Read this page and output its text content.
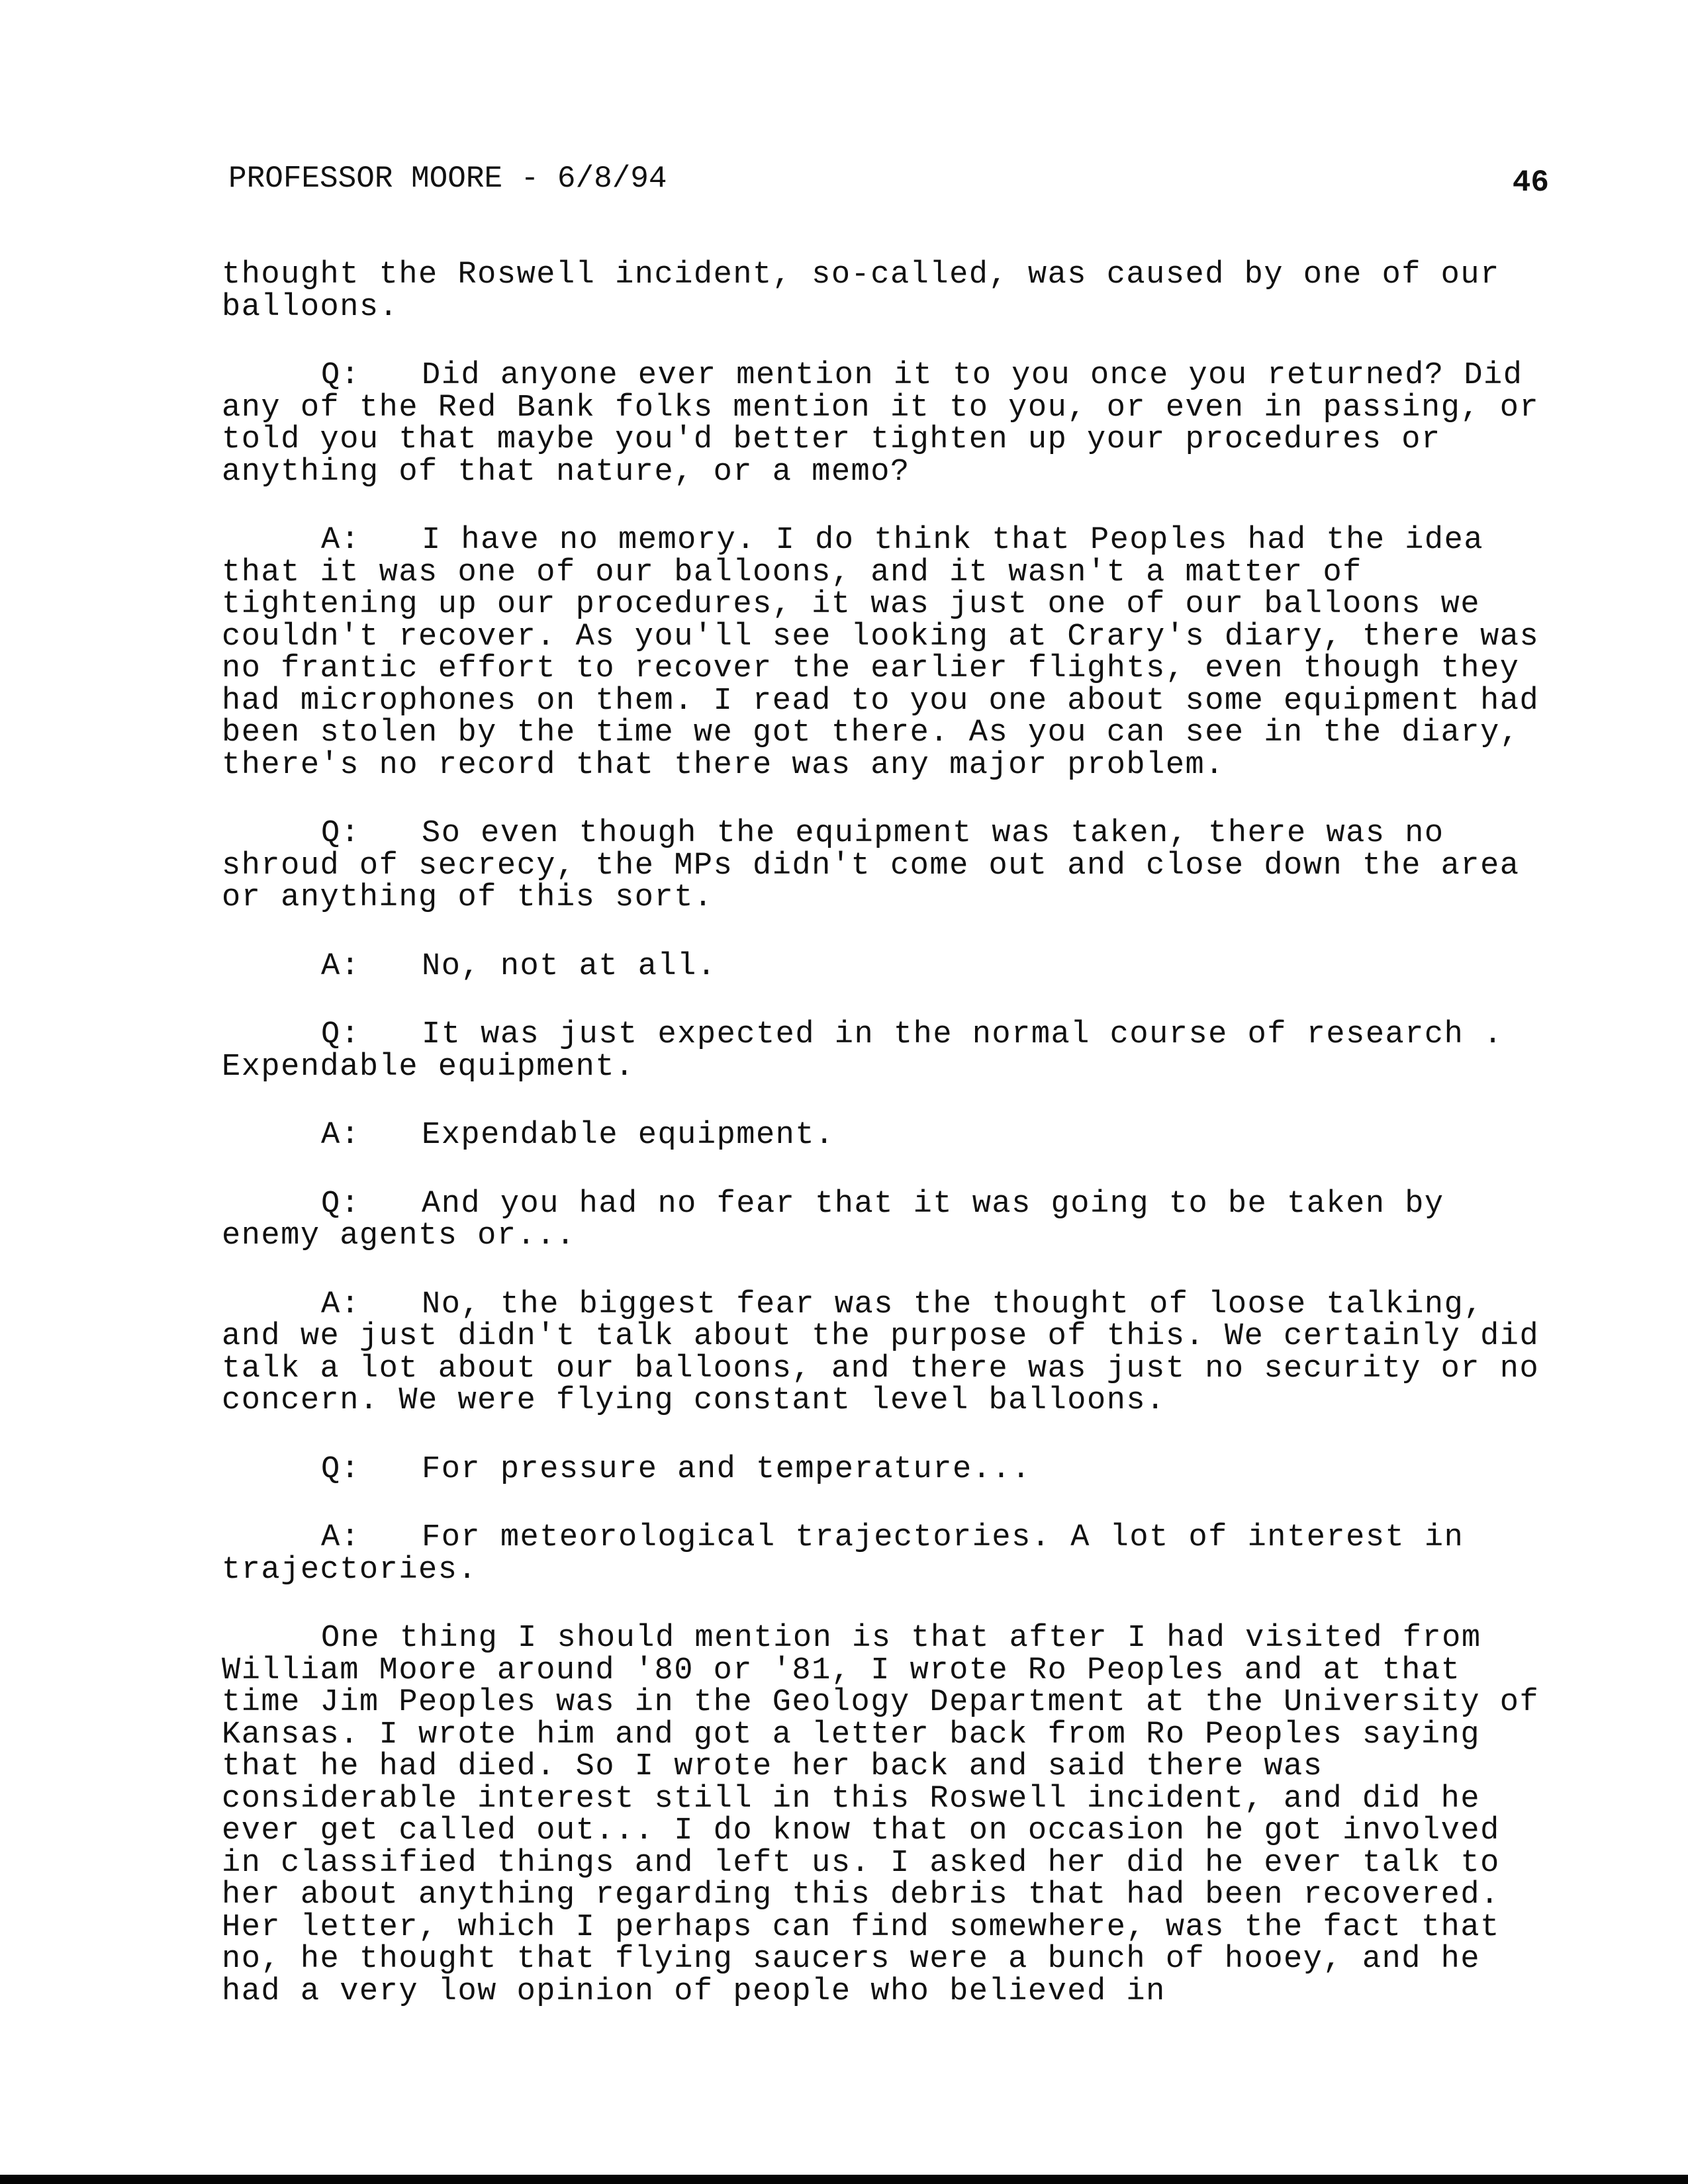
PROFESSOR MOORE - 6/8/94	46

thought the Roswell incident, so-called, was caused by one of our balloons.

Q: Did anyone ever mention it to you once you returned? Did any of the Red Bank folks mention it to you, or even in passing, or told you that maybe you'd better tighten up your procedures or anything of that nature, or a memo?

A: I have no memory. I do think that Peoples had the idea that it was one of our balloons, and it wasn't a matter of tightening up our procedures, it was just one of our balloons we couldn't recover. As you'll see looking at Crary's diary, there was no frantic effort to recover the earlier flights, even though they had microphones on them. I read to you one about some equipment had been stolen by the time we got there. As you can see in the diary, there's no record that there was any major problem.

Q: So even though the equipment was taken, there was no shroud of secrecy, the MPs didn't come out and close down the area or anything of this sort.

A: No, not at all.

Q: It was just expected in the normal course of research . Expendable equipment.

A: Expendable equipment.

Q: And you had no fear that it was going to be taken by enemy agents or...

A: No, the biggest fear was the thought of loose talking, and we just didn't talk about the purpose of this. We certainly did talk a lot about our balloons, and there was just no security or no concern. We were flying constant level balloons.

Q: For pressure and temperature...

A: For meteorological trajectories. A lot of interest in trajectories.

One thing I should mention is that after I had visited from William Moore around '80 or '81, I wrote Ro Peoples and at that time Jim Peoples was in the Geology Department at the University of Kansas. I wrote him and got a letter back from Ro Peoples saying that he had died. So I wrote her back and said there was considerable interest still in this Roswell incident, and did he ever get called out... I do know that on occasion he got involved in classified things and left us. I asked her did he ever talk to her about anything regarding this debris that had been recovered. Her letter, which I perhaps can find somewhere, was the fact that no, he thought that flying saucers were a bunch of hooey, and he had a very low opinion of people who believed in
